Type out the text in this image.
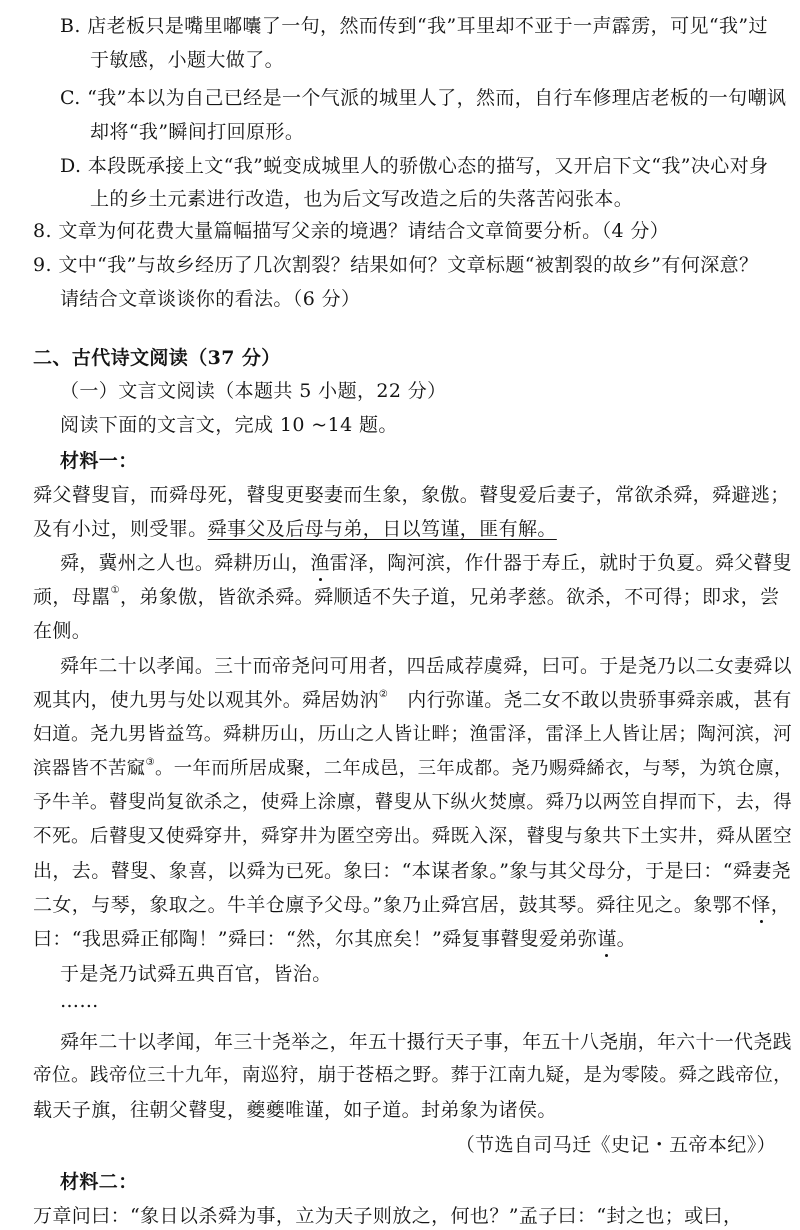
B. 店老板只是嘴里嘟囔了一句，然而传到“我”耳里却不亚于一声霹雳，可见“我”过
于敏感，小题大做了。
C. “我”本以为自己已经是一个气派的城里人了，然而，自行车修理店老板的一句嘲讽
却将“我”瞬间打回原形。
D. 本段既承接上文“我”蜕变成城里人的骄傲心态的描写，又开启下文“我”决心对身
上的乡土元素进行改造，也为后文写改造之后的失落苦闷张本。
8. 文章为何花费大量篇幅描写父亲的境遇？请结合文章简要分析。（4 分）
9. 文中“我”与故乡经历了几次割裂？结果如何？文章标题“被割裂的故乡”有何深意？
请结合文章谈谈你的看法。（6 分）
二、古代诗文阅读（37 分）
（一）文言文阅读（本题共 5 小题，22 分）
阅读下面的文言文，完成 10 ~14 题。
材料一：
舜父瞽叟盲，而舜母死，瞽叟更娶妻而生象，象傲。瞽叟爱后妻子，常欲杀舜，舜避逃；
及有小过，则受罪。舜事父及后母与弟，日以笃谨，匪有解。
舜，冀州之人也。舜耕历山，渔雷泽，陶河滨，作什器于寿丘，就时于负夏。舜父瞽叟
顽，母嚚①，弟象傲，皆欲杀舜。舜顺适不失子道，兄弟孝慈。欲杀，不可得；即求，尝
在侧。
舜年二十以孝闻。三十而帝尧问可用者，四岳咸荐虞舜，曰可。于是尧乃以二女妻舜以
观其内，使九男与处以观其外。舜居妫汭②　内行弥谨。尧二女不敢以贵骄事舜亲戚，甚有
妇道。尧九男皆益笃。舜耕历山，历山之人皆让畔；渔雷泽，雷泽上人皆让居；陶河滨，河
滨器皆不苦窳③。一年而所居成聚，二年成邑，三年成都。尧乃赐舜絺衣，与琴，为筑仓廪，
予牛羊。瞽叟尚复欲杀之，使舜上涂廪，瞽叟从下纵火焚廪。舜乃以两笠自捍而下，去，得
不死。后瞽叟又使舜穿井，舜穿井为匿空旁出。舜既入深，瞽叟与象共下土实井，舜从匿空
出，去。瞽叟、象喜，以舜为已死。象曰：“本谋者象。”象与其父母分，于是曰：“舜妻尧
二女，与琴，象取之。牛羊仓廪予父母。”象乃止舜宫居，鼓其琴。舜往见之。象鄂不怿，
曰：“我思舜正郁陶！”舜曰：“然，尔其庶矣！”舜复事瞽叟爱弟弥谨。
于是尧乃试舜五典百官，皆治。
……
舜年二十以孝闻，年三十尧举之，年五十摄行天子事，年五十八尧崩，年六十一代尧践
帝位。践帝位三十九年，南巡狩，崩于苍梧之野。葬于江南九疑，是为零陵。舜之践帝位，
载天子旗，往朝父瞽叟，夔夔唯谨，如子道。封弟象为诸侯。
（节选自司马迁《史记・五帝本纪》）
材料二：
万章问曰：“象日以杀舜为事，立为天子则放之，何也？”孟子曰：“封之也；或曰，
